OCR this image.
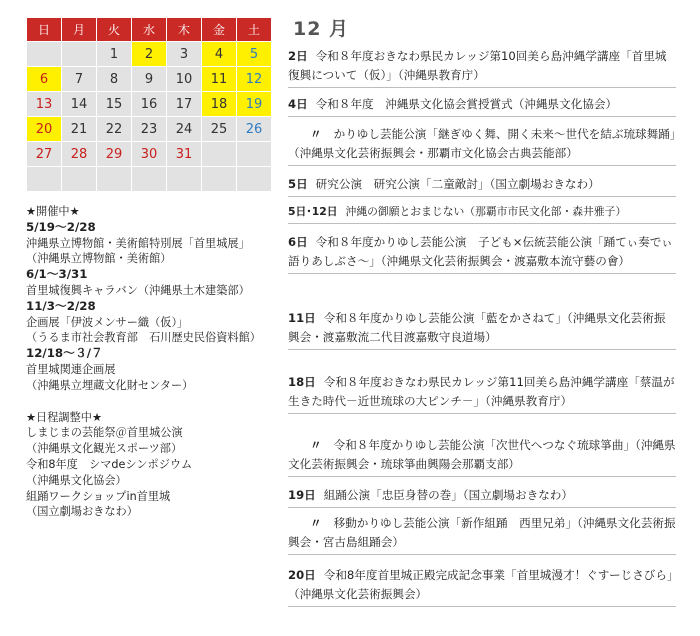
日	月	火	水	木	金	土
		1	2	3	4	5
6	7	8	9	10	11	12
13	14	15	16	17	18	19
20	21	22	23	24	25	26
27	28	29	30	31		

★開催中★
5/19〜2/28
沖縄県立博物館・美術館特別展「首里城展」
（沖縄県立博物館・美術館）
6/1〜3/31
首里城復興キャラバン（沖縄県土木建築部）
11/3〜2/28
企画展「伊波メンサー織（仮）」
（うるま市社会教育部　石川歴史民俗資料館）
12/18〜３/７
首里城関連企画展
（沖縄県立埋蔵文化財センター）
★日程調整中★
しまじまの芸能祭＠首里城公演
（沖縄県文化観光スポーツ部）
令和8年度　シマdeシンポジウム
（沖縄県文化協会）
組踊ワークショップin首里城
（国立劇場おきなわ）
12 月
2日 令和８年度おきなわ県民カレッジ第10回美ら島沖縄学講座「首里城復興について（仮）」（沖縄県教育庁）
4日 令和８年度　沖縄県文化協会賞授賞式（沖縄県文化協会）
〃 かりゆし芸能公演「継ぎゆく舞、開く未来～世代を結ぶ琉球舞踊」（沖縄県文化芸術振興会・那覇市文化協会古典芸能部）
5日 研究公演　研究公演「二童敵討」（国立劇場おきなわ）
5日･12日 沖縄の御願とおまじない（那覇市市民文化部・森井雅子）
6日 令和８年度かりゆし芸能公演　子ども×伝統芸能公演「踊てぃ奏でぃ語りあしぶさ～」（沖縄県文化芸術振興会・渡嘉敷本流守藝の會）
11日 令和８年度かりゆし芸能公演「藍をかさねて」（沖縄県文化芸術振興会・渡嘉敷流二代目渡嘉敷守良道場）
18日 令和８年度おきなわ県民カレッジ第11回美ら島沖縄学講座「蔡温が生きた時代－近世琉球の大ピンチ－」（沖縄県教育庁）
〃 令和８年度かりゆし芸能公演「次世代へつなぐ琉球箏曲」（沖縄県文化芸術振興会・琉球箏曲興陽会那覇支部）
19日 組踊公演「忠臣身替の巻」（国立劇場おきなわ）
〃 移動かりゆし芸能公演「新作組踊　西里兄弟」（沖縄県文化芸術振興会・宮古島組踊会）
20日 令和8年度首里城正殿完成記念事業「首里城漫才！ぐすーじさびら」（沖縄県文化芸術振興会）
